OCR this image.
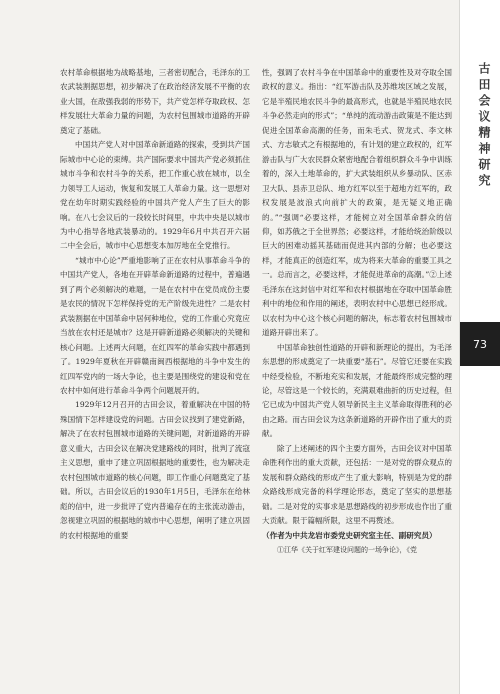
农村革命根据地为战略基地，三者密切配合，毛泽东的工农武装割据思想，初步解决了在政治经济发展不平衡的农业大国，在敌强我弱的形势下，共产党怎样夺取政权、怎样发展壮大革命力量的问题，为农村包围城市道路的开辟奠定了基础。

中国共产党人对中国革命新道路的探索，受到共产国际城市中心论的束缚。共产国际要求中国共产党必须抓住城市斗争和农村斗争的关系，把工作重心放在城市，以全力领导工人运动，恢复和发展工人革命力量。这一思想对党在幼年时期实践经验的中国共产党人产生了巨大的影响。在八七会议后的一段较长时间里，中共中央是以城市为中心指导各地武装暴动的。1929年6月中共召开六届二中全会后，城市中心思想变本加厉地在全党推行。

“城市中心论”严重地影响了正在农村从事革命斗争的中国共产党人，各地在开辟革命新道路的过程中，普遍遇到了两个必须解决的难题，一是在农村中在党员成份主要是农民的情况下怎样保持党的无产阶级先进性？二是农村武装割据在中国革命中居何种地位，党的工作重心究竟应当放在农村还是城市？这是开辟新道路必须解决的关键和核心问题。上述两大问题，在红四军的革命实践中都遇到了。1929年夏秋在开辟赣南闽西根据地的斗争中发生的红四军党内的一场大争论，也主要是围绕党的建设和党在农村中如何进行革命斗争两个问题展开的。

1929年12月召开的古田会议，着重解决在中国的特殊国情下怎样建设党的问题。古田会议找到了建党新路，解决了在农村包围城市道路的关键问题，对新道路的开辟意义重大，古田会议在解决党建路线的同时，批判了流寇主义思想，重申了建立巩固根据地的重要性，也为解决走农村包围城市道路的核心问题，即工作重心问题奠定了基础。所以，古田会议后的1930年1月5日，毛泽东在给林彪的信中，进一步批评了党内普遍存在的主张流动游击，忽视建立巩固的根据地的城市中心思想，阐明了建立巩固的农村根据地的重要

性，强调了农村斗争在中国革命中的重要性及对夺取全国政权的意义。指出：“红军游击队及苏维埃区域之发展，它是半殖民地农民斗争的最高形式，也就是半殖民地农民斗争必然走向的形式”；“单纯的流动游击政策是不能达到促进全国革命高潮的任务，而朱毛式、贺龙式、李文林式、方志敏式之有根据地的，有计划的建立政权的，红军游击队与广大农民群众紧密地配合着组织群众斗争中训练着的，深入土地革命的，扩大武装组织从乡暴动队、区赤卫大队、县赤卫总队、地方红军以至于超地方红军的，政权发展是波浪式向前扩大的政策，是无疑义地正确的。”“强调“必要这样，才能树立对全国革命群众的信仰，如苏俄之于全世界然；必要这样，才能给统治阶级以巨大的困难动摇其基础而促进其内部的分解；也必要这样，才能真正的创造红军，成为将来大革命的重要工具之一。总而言之，必要这样，才能促进革命的高潮。”②上述毛泽东在这封信中对红军和农村根据地在夺取中国革命胜利中的地位和作用的阐述，表明农村中心思想已经形成。以农村为中心这个核心问题的解决，标志着农村包围城市道路开辟出来了。

中国革命独创性道路的开辟和新理论的提出，为毛泽东思想的形成奠定了一块重要“基石”。尽管它还要在实践中经受检验，不断地充实和发展，才能最终形成完整的理论，尽管这是一个较长的，充满艰难曲折的历史过程，但它已成为中国共产党人领导新民主主义革命取得胜利的必由之路。而古田会议为这条新道路的开辟作出了重大的贡献。

除了上述阐述的四个主要方面外，古田会议对中国革命胜利作出的重大贡献，还包括：一是对党的群众观点的发展和群众路线的形成产生了重大影响，特别是为党的群众路线形成完备的科学理论形态，奠定了坚实的思想基础。二是对党的实事求是思想路线的初步形成也作出了重大贡献。限于篇幅所限，这里不再赘述。

（作者为中共龙岩市委党史研究室主任、副研究员）

①江华《关于红军建设问题的一场争论》，《党

古田会议精神研究
73
